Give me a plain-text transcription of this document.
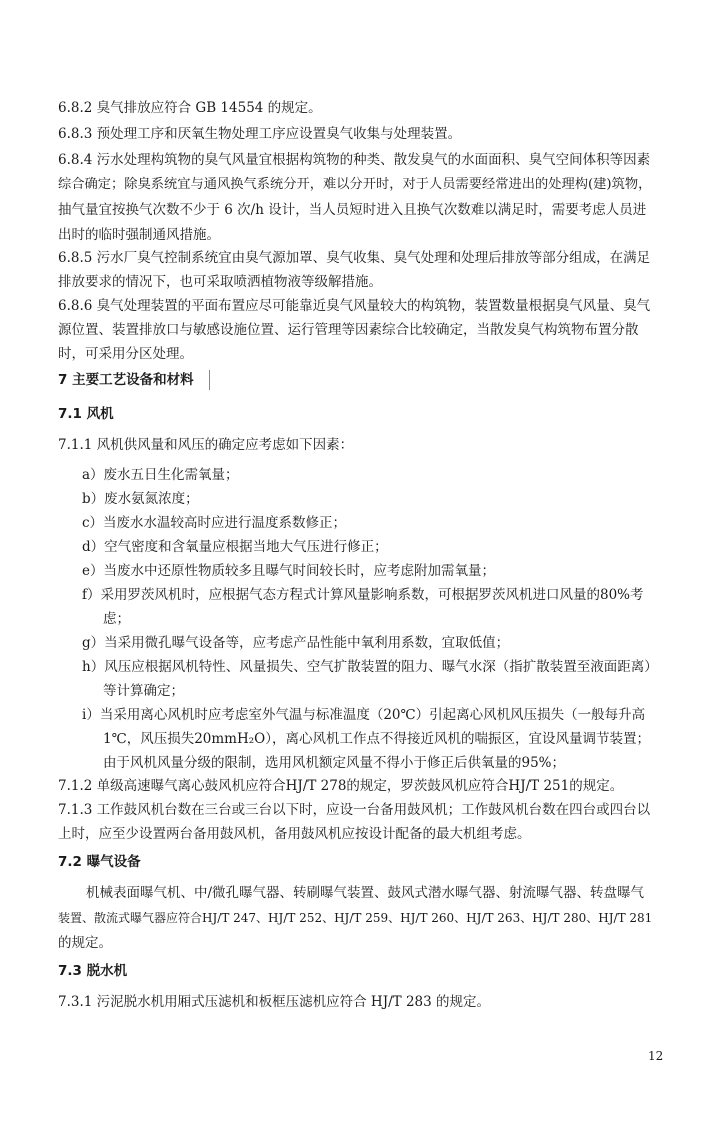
6.8.2 臭气排放应符合 GB 14554 的规定。
6.8.3 预处理工序和厌氧生物处理工序应设置臭气收集与处理装置。
6.8.4 污水处理构筑物的臭气风量宜根据构筑物的种类、散发臭气的水面面积、臭气空间体积等因素
综合确定；除臭系统宜与通风换气系统分开，难以分开时，对于人员需要经常进出的处理构(建)筑物，
抽气量宜按换气次数不少于 6 次/h 设计，当人员短时进入且换气次数难以满足时，需要考虑人员进
出时的临时强制通风措施。
6.8.5 污水厂臭气控制系统宜由臭气源加罩、臭气收集、臭气处理和处理后排放等部分组成，在满足
排放要求的情况下，也可采取喷洒植物液等级解措施。
6.8.6 臭气处理装置的平面布置应尽可能靠近臭气风量较大的构筑物，装置数量根据臭气风量、臭气
源位置、装置排放口与敏感设施位置、运行管理等因素综合比较确定，当散发臭气构筑物布置分散
时，可采用分区处理。
7 主要工艺设备和材料
7.1 风机
7.1.1 风机供风量和风压的确定应考虑如下因素：
a）废水五日生化需氧量；
b）废水氨氮浓度；
c）当废水水温较高时应进行温度系数修正；
d）空气密度和含氧量应根据当地大气压进行修正；
e）当废水中还原性物质较多且曝气时间较长时，应考虑附加需氧量；
f）采用罗茨风机时，应根据气态方程式计算风量影响系数，可根据罗茨风机进口风量的80%考
虑；
g）当采用微孔曝气设备等，应考虑产品性能中氧利用系数，宜取低值；
h）风压应根据风机特性、风量损失、空气扩散装置的阻力、曝气水深（指扩散装置至液面距离）
等计算确定；
i）当采用离心风机时应考虑室外气温与标准温度（20℃）引起离心风机风压损失（一般每升高
1℃，风压损失20mmH₂O），离心风机工作点不得接近风机的喘振区，宜设风量调节装置；
由于风机风量分级的限制，选用风机额定风量不得小于修正后供氧量的95%；
7.1.2 单级高速曝气离心鼓风机应符合HJ/T 278的规定，罗茨鼓风机应符合HJ/T 251的规定。
7.1.3 工作鼓风机台数在三台或三台以下时，应设一台备用鼓风机；工作鼓风机台数在四台或四台以
上时，应至少设置两台备用鼓风机，备用鼓风机应按设计配备的最大机组考虑。
7.2 曝气设备
机械表面曝气机、中/微孔曝气器、转刷曝气装置、鼓风式潜水曝气器、射流曝气器、转盘曝气
装置、散流式曝气器应符合HJ/T 247、HJ/T 252、HJ/T 259、HJ/T 260、HJ/T 263、HJ/T 280、HJ/T 281
的规定。
7.3 脱水机
7.3.1 污泥脱水机用厢式压滤机和板框压滤机应符合 HJ/T 283 的规定。
12
